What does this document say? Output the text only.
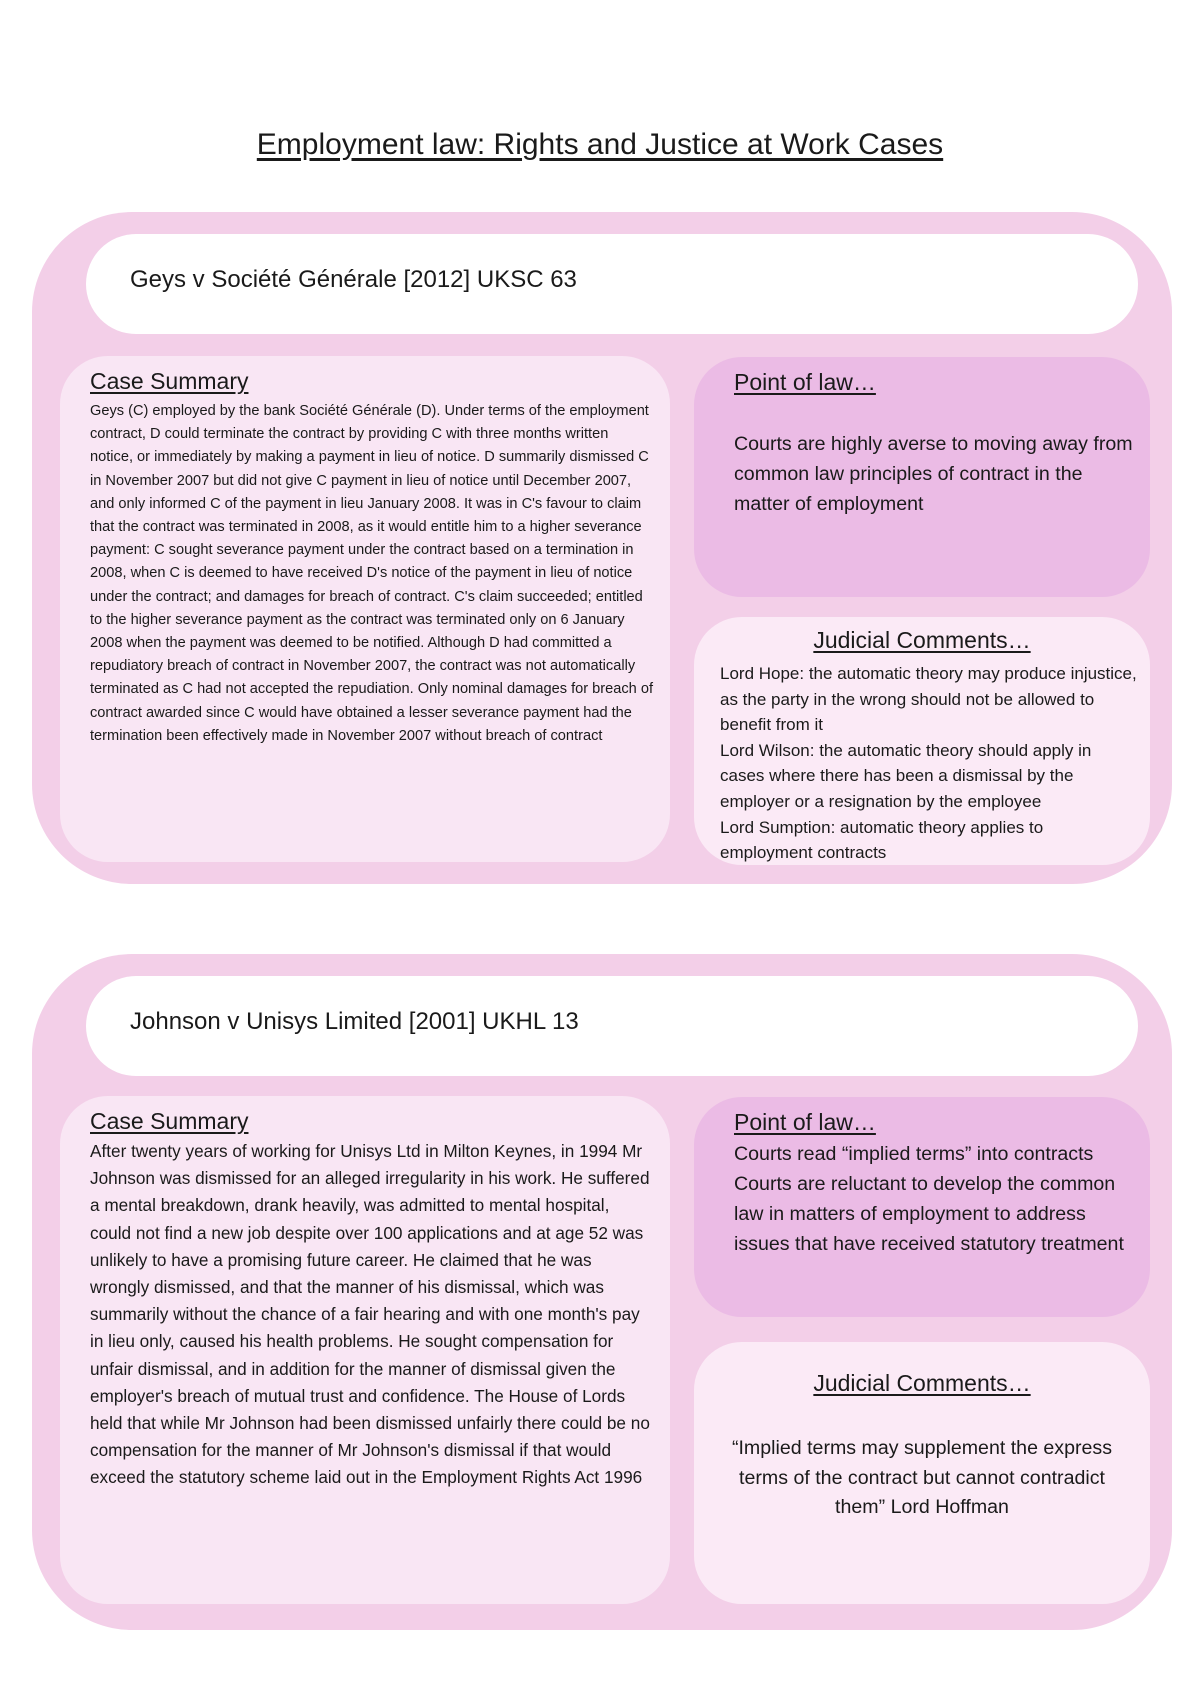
Employment law: Rights and Justice at Work Cases
Geys v Société Générale [2012] UKSC 63
Case Summary

Geys (C) employed by the bank Société Générale (D). Under terms of the employment contract, D could terminate the contract by providing C with three months written notice, or immediately by making a payment in lieu of notice. D summarily dismissed C in November 2007 but did not give C payment in lieu of notice until December 2007, and only informed C of the payment in lieu January 2008. It was in C's favour to claim that the contract was terminated in 2008, as it would entitle him to a higher severance payment: C sought severance payment under the contract based on a termination in 2008, when C is deemed to have received D's notice of the payment in lieu of notice under the contract; and damages for breach of contract. C's claim succeeded; entitled to the higher severance payment as the contract was terminated only on 6 January 2008 when the payment was deemed to be notified. Although D had committed a repudiatory breach of contract in November 2007, the contract was not automatically terminated as C had not accepted the repudiation. Only nominal damages for breach of contract awarded since C would have obtained a lesser severance payment had the termination been effectively made in November 2007 without breach of contract

Point of law…

Courts are highly averse to moving away from common law principles of contract in the matter of employment

Judicial Comments…
Lord Hope: the automatic theory may produce injustice, as the party in the wrong should not be allowed to benefit from it
Lord Wilson: the automatic theory should apply in cases where there has been a dismissal by the employer or a resignation by the employee
Lord Sumption: automatic theory applies to employment contracts
Johnson v Unisys Limited [2001] UKHL 13
Case Summary

After twenty years of working for Unisys Ltd in Milton Keynes, in 1994 Mr Johnson was dismissed for an alleged irregularity in his work. He suffered a mental breakdown, drank heavily, was admitted to mental hospital, could not find a new job despite over 100 applications and at age 52 was unlikely to have a promising future career. He claimed that he was wrongly dismissed, and that the manner of his dismissal, which was summarily without the chance of a fair hearing and with one month's pay in lieu only, caused his health problems. He sought compensation for unfair dismissal, and in addition for the manner of dismissal given the employer's breach of mutual trust and confidence. The House of Lords held that while Mr Johnson had been dismissed unfairly there could be no compensation for the manner of Mr Johnson's dismissal if that would exceed the statutory scheme laid out in the Employment Rights Act 1996

Point of law…
Courts read “implied terms” into contracts
Courts are reluctant to develop the common law in matters of employment to address issues that have received statutory treatment
Judicial Comments…

“Implied terms may supplement the express terms of the contract but cannot contradict them” Lord Hoffman
